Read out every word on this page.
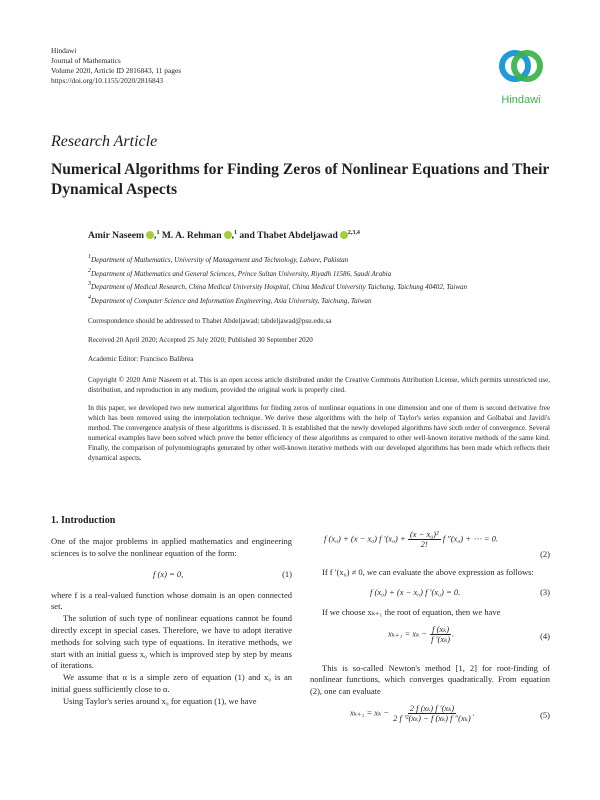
Hindawi
Journal of Mathematics
Volume 2020, Article ID 2816843, 11 pages
https://doi.org/10.1155/2020/2816843
Hindawi
Research Article
Numerical Algorithms for Finding Zeros of Nonlinear Equations and Their Dynamical Aspects
Amir Naseem ,$^1$ M. A. Rehman ,$^1$ and Thabet Abdeljawad $^{2,3,4}$

$^1$Department of Mathematics, University of Management and Technology, Lahore, Pakistan

$^2$Department of Mathematics and General Sciences, Prince Sultan University, Riyadh 11586, Saudi Arabia

$^3$Department of Medical Research, China Medical University Hospital, China Medical University Taichung, Taichung 40402, Taiwan

$^4$Department of Computer Science and Information Engineering, Asia University, Taichung, Taiwan

Correspondence should be addressed to Thabet Abdeljawad; tabdeljawad@psu.edu.sa
Received 20 April 2020; Accepted 25 July 2020; Published 30 September 2020
Academic Editor: Francisco Balibrea
Copyright © 2020 Amir Naseem et al. This is an open access article distributed under the Creative Commons Attribution License, which permits unrestricted use, distribution, and reproduction in any medium, provided the original work is properly cited.
In this paper, we developed two new numerical algorithms for finding zeros of nonlinear equations in one dimension and one of them is second derivative free which has been removed using the interpolation technique. We derive these algorithms with the help of Taylor's series expansion and Golbabai and Javidi's method. The convergence analysis of these algorithms is discussed. It is established that the newly developed algorithms have sixth order of convergence. Several numerical examples have been solved which prove the better efficiency of these algorithms as compared to other well-known iterative methods of the same kind. Finally, the comparison of polynomiographs generated by other well-known iterative methods with our developed algorithms has been made which reflects their dynamical aspects.
1. Introduction

One of the major problems in applied mathematics and engineering sciences is to solve the nonlinear equation of the form:

f (x) = 0,	(1)

where f is a real-valued function whose domain is an open connected set.

The solution of such type of nonlinear equations cannot be found directly except in special cases. Therefore, we have to adopt iterative methods for solving such type of equations. In iterative methods, we start with an initial guess x₀ which is improved step by step by means of iterations.

We assume that α is a simple zero of equation (1) and x₀ is an initial guess sufficiently close to α.

Using Taylor's series around x₀ for equation (1), we have

f (x₀) + (x − x₀) f $'(x_0) + \frac{\text{(x − x₀)²}}{2!}$ f ″(x₀) + ⋯ = 0.
(2)

If f ′(x₀) ≠ 0, we can evaluate the above expression as follows:

f (x₀) + (x − x₀) f ′(x₀) = 0.	(3)

If we choose xₖ₊₁ the root of equation, then we have

$x_{k+1} = x_k - \frac{\text{f (xₖ)}}{\text{f ′(xₖ)}}$ .	(4)

This is so-called Newton's method [1, 2] for root-finding of nonlinear functions, which converges quadratically. From equation (2), one can evaluate

$x_{k+1} = x_k - \frac{\text{2 f (xₖ) f ′(xₖ)}}{\text{2 f ′²(xₖ) − f (xₖ) f ″(xₖ)}}$ .	(5)
